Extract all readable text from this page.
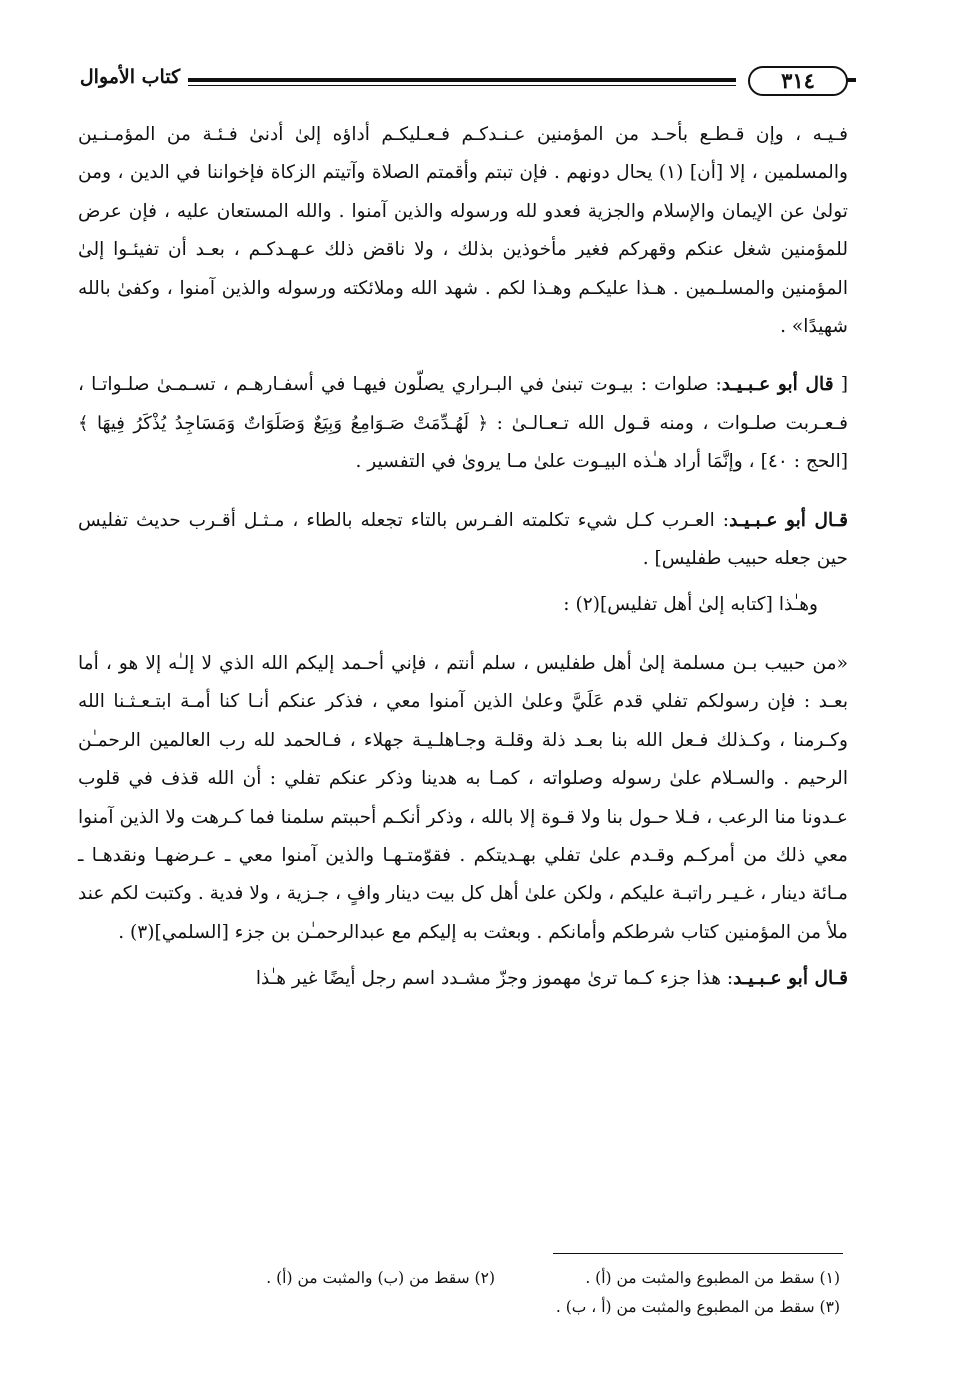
٣١٤
كتاب الأموال

فـيـه ، وإن قـطـع بأحـد من المؤمنين عـنـدكـم فـعـليكـم أداؤه إلىٰ أدنىٰ فـئـة من المؤمـنـين والمسلمين ، إلا [أن] (١) يحال دونهم . فإن تبتم وأقمتم الصلاة وآتيتم الزكاة فإخواننا في الدين ، ومن تولىٰ عن الإيمان والإسلام والجزية فعدو لله ورسوله والذين آمنوا . والله المستعان عليه ، فإن عرض للمؤمنين شغل عنكم وقهركم فغير مأخوذين بذلك ، ولا ناقض ذلك عـهـدكـم ، بعـد أن تفيئـوا إلىٰ المؤمنين والمسلـمين . هـذا عليكـم وهـذا لكم . شهد الله وملائكته ورسوله والذين آمنوا ، وكفىٰ بالله شهيدًا» .

[ قال أبو عـبـيـد: صلوات : بيـوت تبنىٰ في البـراري يصلّون فيهـا في أسفـارهـم ، تسـمـىٰ صلـواتـا ، فـعـربت صلـوات ، ومنه قـول الله تـعـالـىٰ : ﴿ لَهُـدِّمَتْ صَـوَامِعُ وَبِيَعٌ وَصَلَوَاتٌ وَمَسَاجِدُ يُذْكَرُ فِيهَا ﴾ [الحج : ٤٠] ، وإنَّمَا أراد هـٰذه البيـوت علىٰ مـا يروىٰ في التفسير .

قـال أبو عـبـيـد: العـرب كـل شيء تكلمته الفـرس بالتاء تجعله بالطاء ، مـثـل أقـرب حديث تفليس حين جعله حبيب طفليس] .

وهـٰذا [كتابه إلىٰ أهل تفليس](٢) :

«من حبيب بـن مسلمة إلىٰ أهل طفليس ، سلم أنتم ، فإني أحـمد إليكم الله الذي لا إلـٰه إلا هو ، أما بعـد : فإن رسولكم تفلي قدم عَلَيَّ وعلىٰ الذين آمنوا معي ، فذكر عنكم أنـا كنا أمـة ابتـعـثـنا الله وكـرمنا ، وكـذلك فـعل الله بنا بعـد ذلة وقلـة وجـاهلـيـة جهلاء ، فـالحمد لله رب العالمين الرحمـٰن الرحيم . والسـلام علىٰ رسوله وصلواته ، كمـا به هدينا وذكر عنكم تفلي : أن الله قذف في قلوب عـدونا منا الرعب ، فـلا حـول بنا ولا قـوة إلا بالله ، وذكر أنكـم أحببتم سلمنا فما كـرهت ولا الذين آمنوا معي ذلك من أمركـم وقـدم علىٰ تفلي بهـديتكم . فقوّمتـهـا والذين آمنوا معي ـ عـرضهـا ونقدهـا ـ مـائة دينار ، غـيـر راتبـة عليكم ، ولكن علىٰ أهل كل بيت دينار وافٍ ، جـزية ، ولا فدية . وكتبت لكم عند ملأ من المؤمنين كتاب شرطكم وأمانكم . وبعثت به إليكم مع عبدالرحمـٰن بن جزء [السلمي](٣) .

قـال أبو عـبـيـد: هذا جزء كـما ترىٰ مهموز وجزّ مشـدد اسم رجل أيضًا غير هـٰذا

(١) سقط من المطبوع والمثبت من (أ) .
(٢) سقط من (ب) والمثبت من (أ) .
(٣) سقط من المطبوع والمثبت من (أ ، ب) .
